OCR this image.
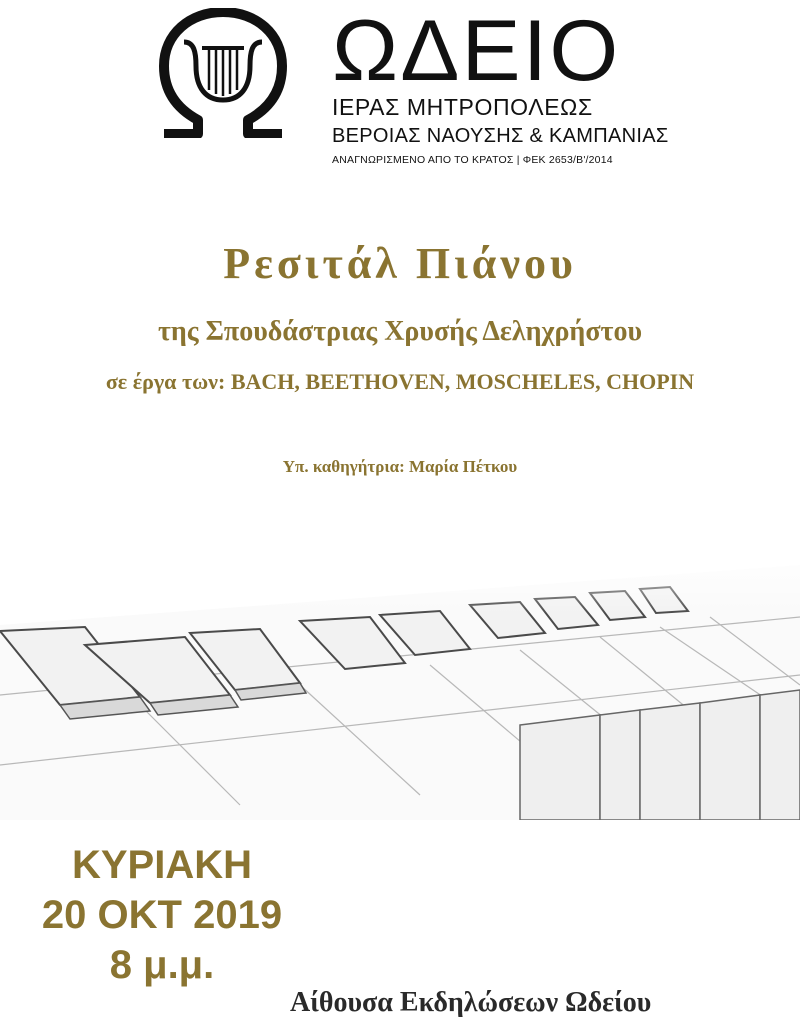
ΩΔΕΙΟ
ΙΕΡΑΣ ΜΗΤΡΟΠΟΛΕΩΣ
ΒΕΡΟΙΑΣ ΝΑΟΥΣΗΣ & ΚΑΜΠΑΝΙΑΣ
ΑΝΑΓΝΩΡΙΣΜΕΝΟ ΑΠΟ ΤΟ ΚΡΑΤΟΣ | ΦΕΚ 2653/Β'/2014
Ρεσιτάλ Πιάνου
της Σπουδάστριας Χρυσής Δεληχρήστου
σε έργα των: BACH, BEETHOVEN, MOSCHELES, CHOPIN
Υπ. καθηγήτρια: Μαρία Πέτκου
ΚΥΡΙΑΚΗ
20 ΟΚΤ 2019
8 μ.μ.
Αίθουσα Εκδηλώσεων Ωδείου
